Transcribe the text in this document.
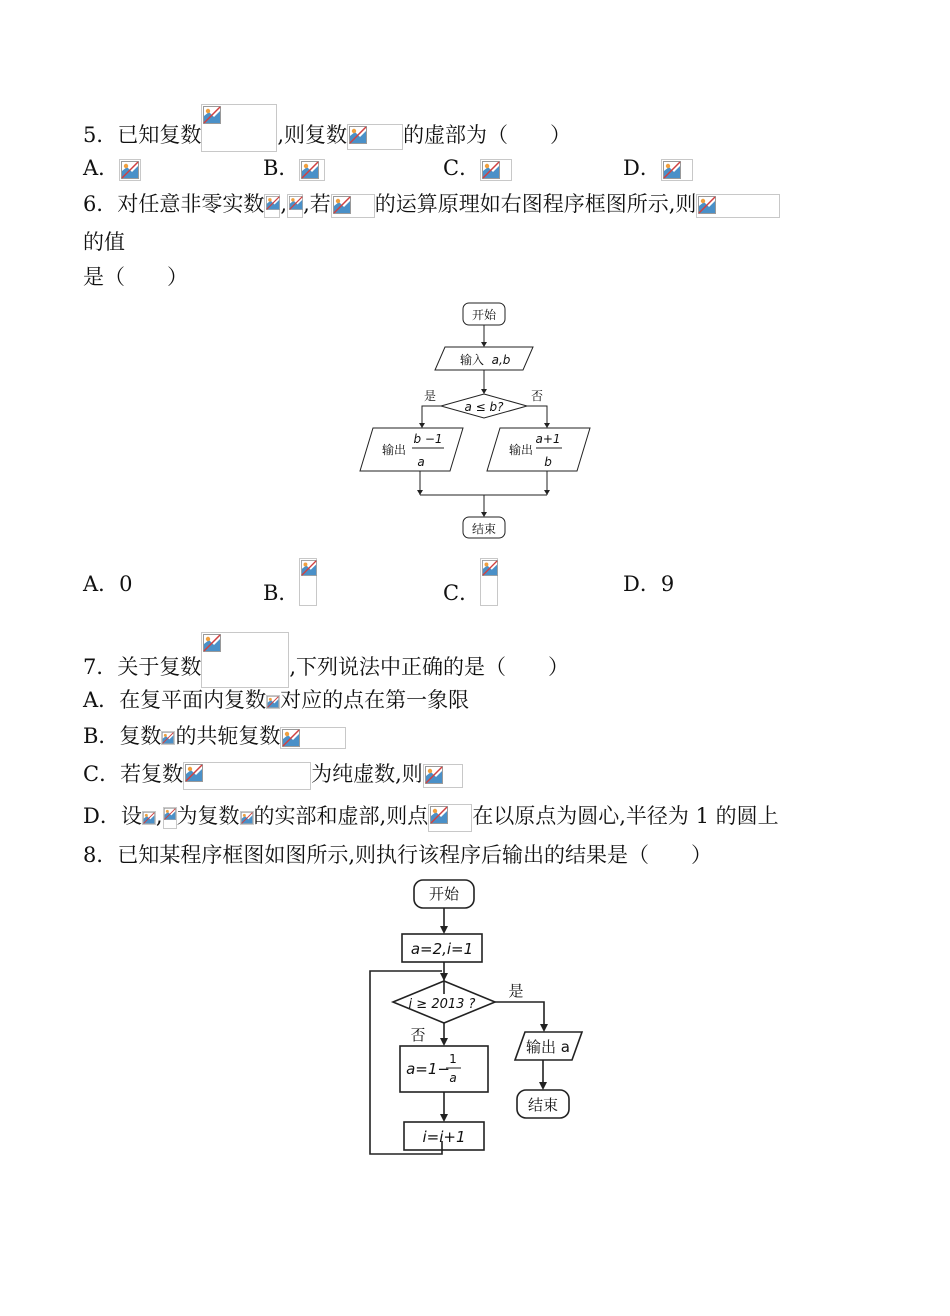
5．已知复数	,则复数	的虚部为（　　）
A．	B．	C．	D．
6．对任意非零实数 , ,若 的运算原理如右图程序框图所示,则
的值
是（　　）
开始
输入 a,b
a ≤ b?
是	否
输出
b −1
a
输出
a+1
b
结束
A．0	B．	C．	D．9
7．关于复数	,下列说法中正确的是（　　）
A．在复平面内复数 对应的点在第一象限
B．复数 的共轭复数
C．若复数	为纯虚数,则
D．设 , 为复数 的实部和虚部,则点 在以原点为圆心,半径为 1 的圆上
8．已知某程序框图如图所示,则执行该程序后输出的结果是（　　）
开始
a=2,i=1
i ≥ 2013 ?
是
否
a=1−
1
a
输出 a
结束
i=i+1
